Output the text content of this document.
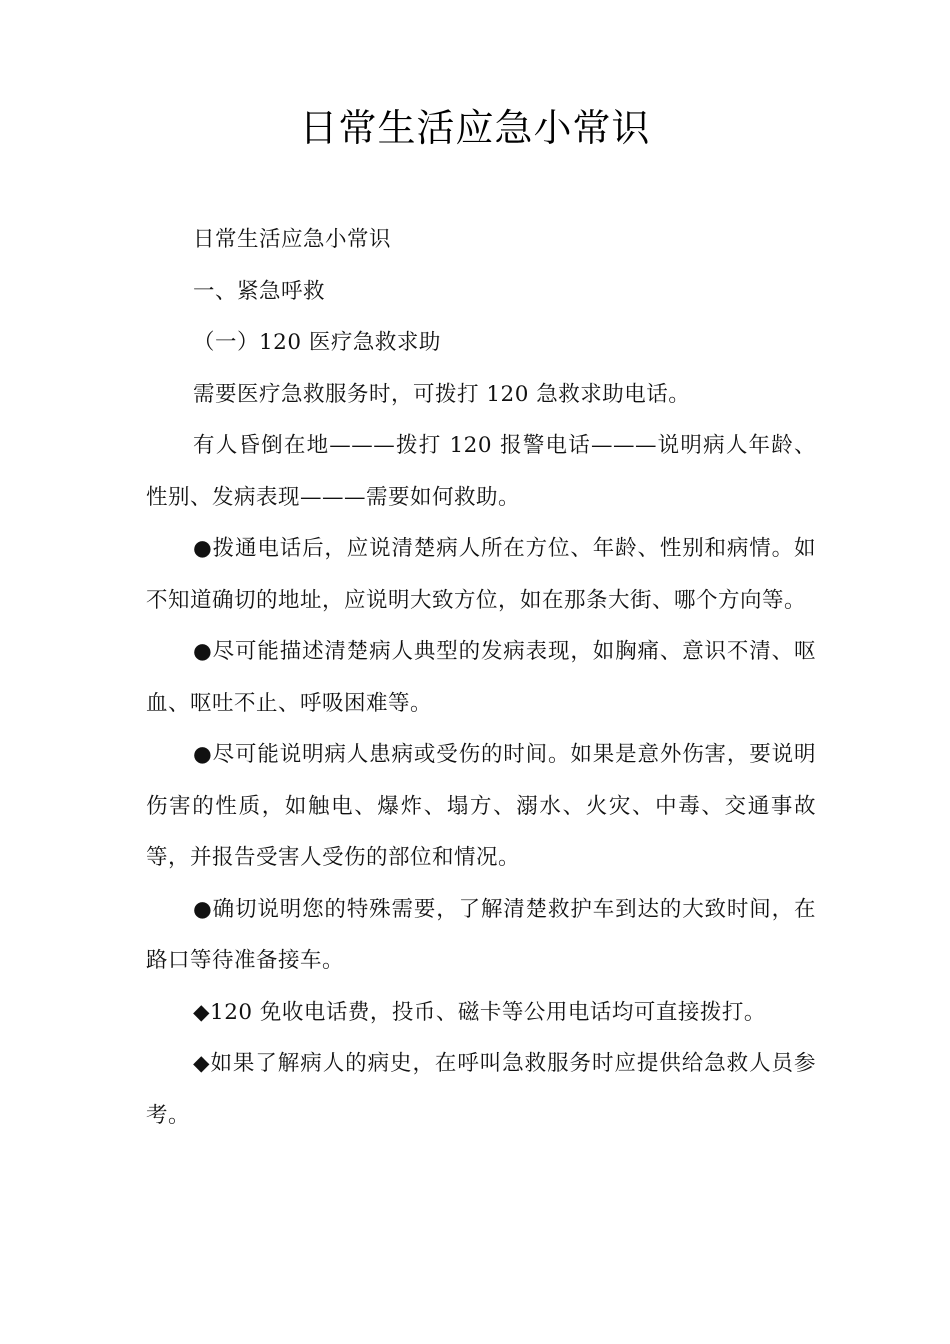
日常生活应急小常识

日常生活应急小常识

一、紧急呼救

（一）120 医疗急救求助

需要医疗急救服务时，可拨打 120 急救求助电话。

有人昏倒在地———拨打 120 报警电话———说明病人年龄、性别、发病表现———需要如何救助。

●拨通电话后，应说清楚病人所在方位、年龄、性别和病情。如不知道确切的地址，应说明大致方位，如在那条大街、哪个方向等。

●尽可能描述清楚病人典型的发病表现，如胸痛、意识不清、呕血、呕吐不止、呼吸困难等。

●尽可能说明病人患病或受伤的时间。如果是意外伤害，要说明伤害的性质，如触电、爆炸、塌方、溺水、火灾、中毒、交通事故等，并报告受害人受伤的部位和情况。

●确切说明您的特殊需要，了解清楚救护车到达的大致时间，在路口等待准备接车。

◆120 免收电话费，投币、磁卡等公用电话均可直接拨打。

◆如果了解病人的病史，在呼叫急救服务时应提供给急救人员参考。
